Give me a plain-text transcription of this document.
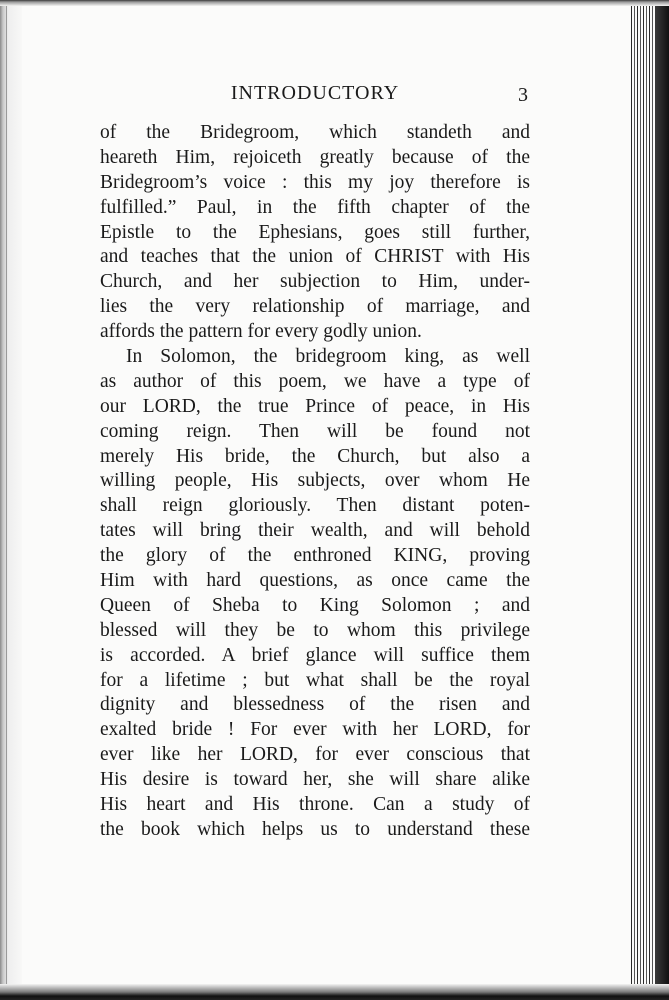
INTRODUCTORY	3
of the Bridegroom, which standeth and
heareth Him, rejoiceth greatly because of the
Bridegroom’s voice : this my joy therefore is
fulfilled.” Paul, in the fifth chapter of the
Epistle to the Ephesians, goes still further,
and teaches that the union of CHRIST with His
Church, and her subjection to Him, under-
lies the very relationship of marriage, and
affords the pattern for every godly union.
In Solomon, the bridegroom king, as well
as author of this poem, we have a type of
our LORD, the true Prince of peace, in His
coming reign. Then will be found not
merely His bride, the Church, but also a
willing people, His subjects, over whom He
shall reign gloriously. Then distant poten-
tates will bring their wealth, and will behold
the glory of the enthroned KING, proving
Him with hard questions, as once came the
Queen of Sheba to King Solomon ; and
blessed will they be to whom this privilege
is accorded. A brief glance will suffice them
for a lifetime ; but what shall be the royal
dignity and blessedness of the risen and
exalted bride ! For ever with her LORD, for
ever like her LORD, for ever conscious that
His desire is toward her, she will share alike
His heart and His throne. Can a study of
the book which helps us to understand these
